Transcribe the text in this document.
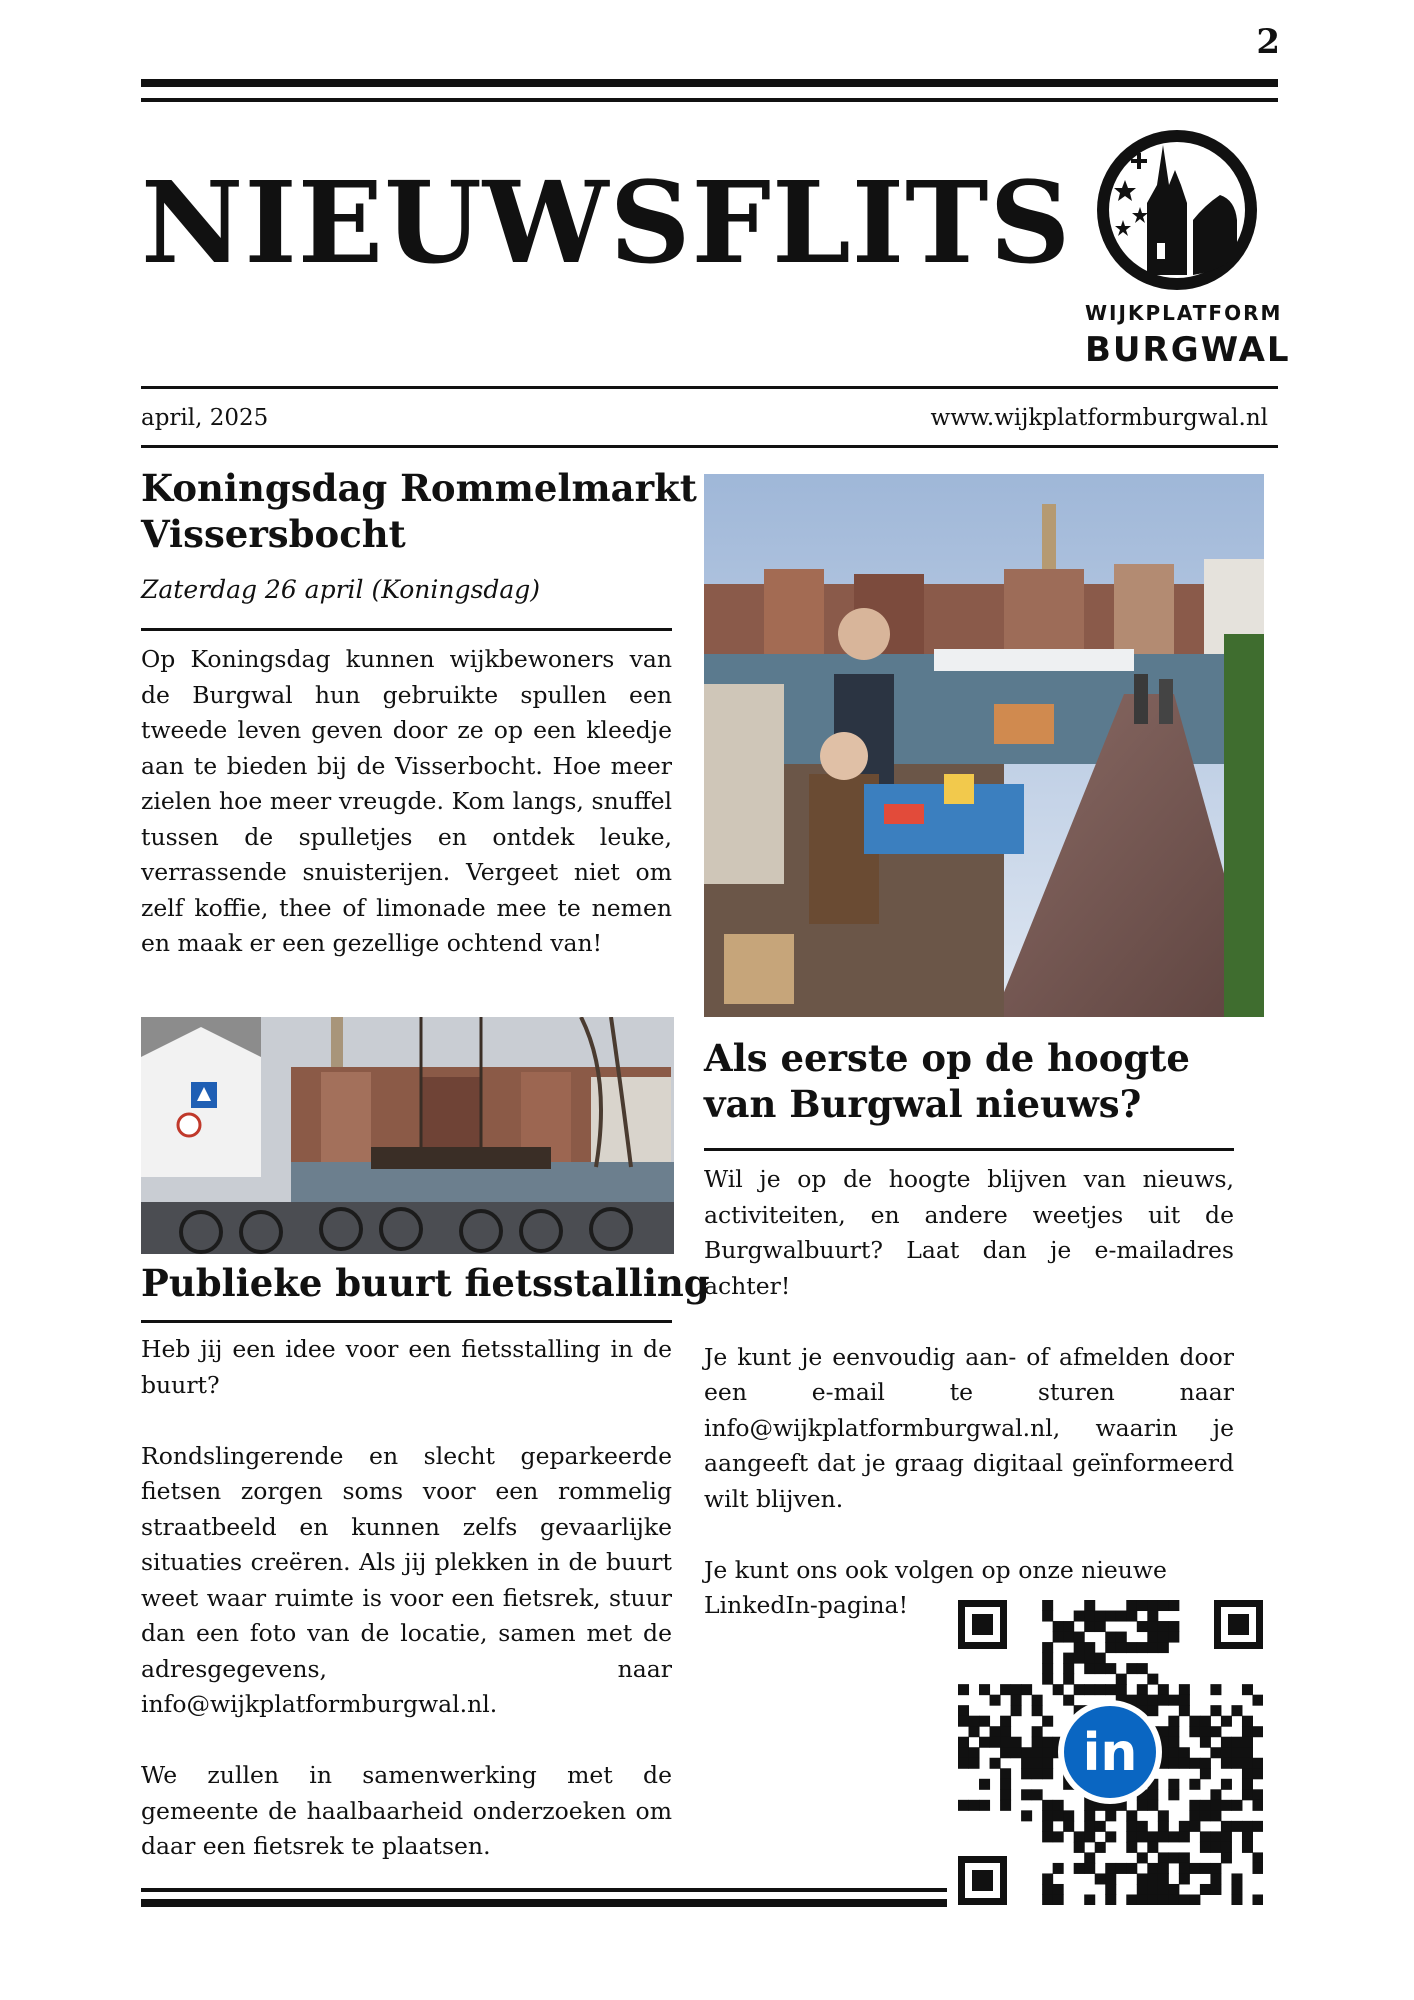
2
NIEUWSFLITS
WIJKPLATFORM
BURGWAL
april, 2025	www.wijkplatformburgwal.nl
Koningsdag Rommelmarkt Vissersbocht
Zaterdag 26 april (Koningsdag)

Op Koningsdag kunnen wijkbewoners van de Burgwal hun gebruikte spullen een tweede leven geven door ze op een kleedje aan te bieden bij de Visserbocht. Hoe meer zielen hoe meer vreugde. Kom langs, snuffel tussen de spulletjes en ontdek leuke, verrassende snuisterijen. Vergeet niet om zelf koffie, thee of limonade mee te nemen en maak er een gezellige ochtend van!

Publieke buurt fietsstalling

Heb jij een idee voor een fietsstalling in de buurt?

Rondslingerende en slecht geparkeerde fietsen zorgen soms voor een rommelig straatbeeld en kunnen zelfs gevaarlijke situaties creëren. Als jij plekken in de buurt weet waar ruimte is voor een fietsrek, stuur dan een foto van de locatie, samen met de adresgegevens, naar info@wijkplatformburgwal.nl.

We zullen in samenwerking met de gemeente de haalbaarheid onderzoeken om daar een fietsrek te plaatsen.

Als eerste op de hoogte van Burgwal nieuws?

Wil je op de hoogte blijven van nieuws, activiteiten, en andere weetjes uit de Burgwalbuurt? Laat dan je e-mailadres achter!

Je kunt je eenvoudig aan- of afmelden door een e-mail te sturen naar info@wijkplatformburgwal.nl, waarin je aangeeft dat je graag digitaal geïnformeerd wilt blijven.

Je kunt ons ook volgen op onze nieuwe LinkedIn-pagina!

in
